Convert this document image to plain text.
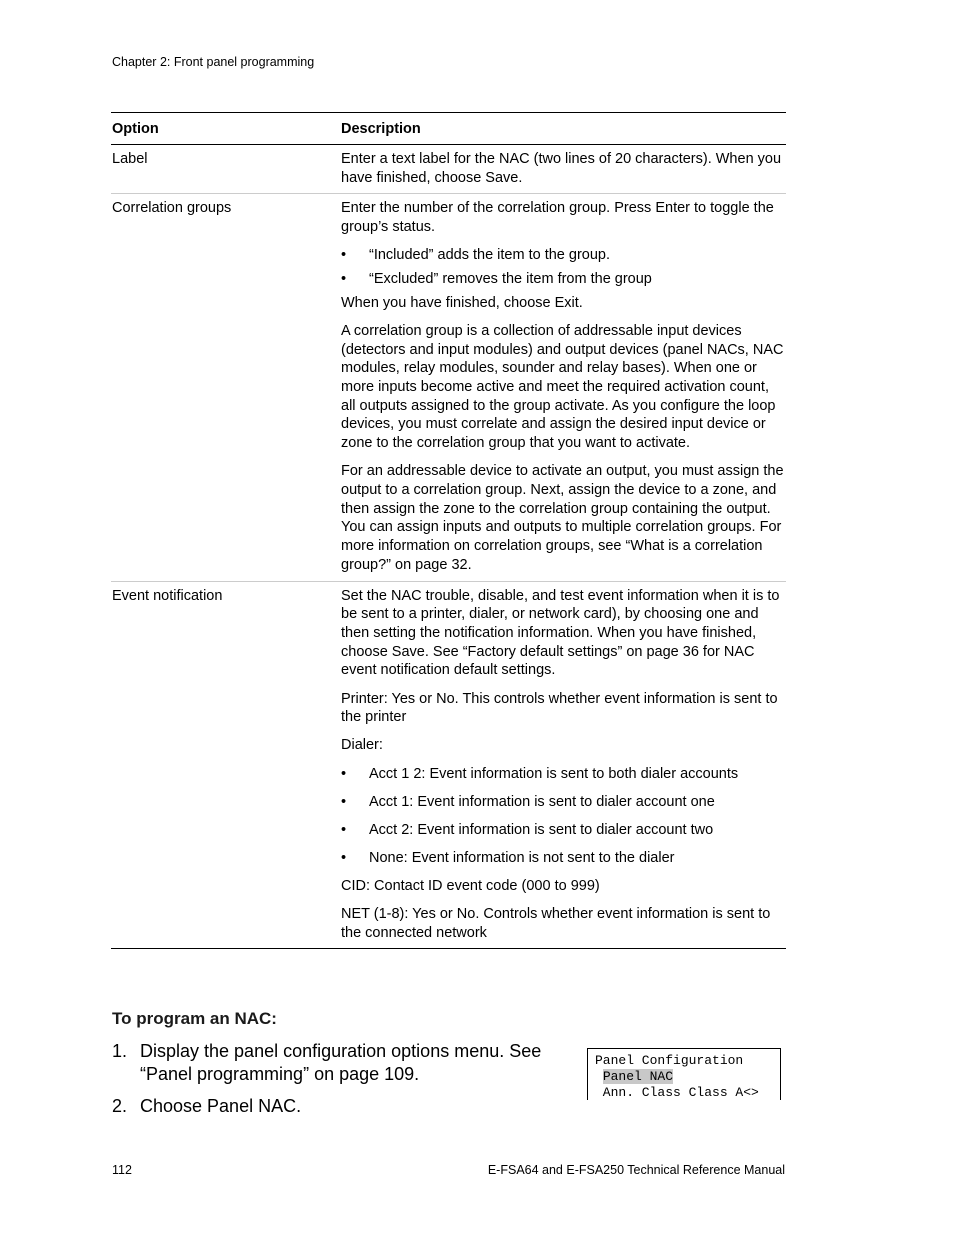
Chapter 2: Front panel programming
Option	Description
Label	Enter a text label for the NAC (two lines of 20 characters). When you have finished, choose Save.

Correlation groups	Enter the number of the correlation group. Press Enter to toggle the group’s status.

•	“Included” adds the item to the group.
•	“Excluded” removes the item from the group

When you have finished, choose Exit.

A correlation group is a collection of addressable input devices (detectors and input modules) and output devices (panel NACs, NAC modules, relay modules, sounder and relay bases). When one or more inputs become active and meet the required activation count, all outputs assigned to the group activate. As you configure the loop devices, you must correlate and assign the desired input device or zone to the correlation group that you want to activate.

For an addressable device to activate an output, you must assign the output to a correlation group. Next, assign the device to a zone, and then assign the zone to the correlation group containing the output. You can assign inputs and outputs to multiple correlation groups. For more information on correlation groups, see “What is a correlation group?” on page 32.

Event notification	Set the NAC trouble, disable, and test event information when it is to be sent to a printer, dialer, or network card), by choosing one and then setting the notification information. When you have finished, choose Save. See “Factory default settings” on page 36 for NAC event notification default settings.

Printer: Yes or No. This controls whether event information is sent to the printer

Dialer:

•	Acct 1 2: Event information is sent to both dialer accounts
•	Acct 1: Event information is sent to dialer account one
•	Acct 2: Event information is sent to dialer account two
•	None: Event information is not sent to the dialer

CID: Contact ID event code (000 to 999)

NET (1-8): Yes or No. Controls whether event information is sent to the connected network

To program an NAC:
1. Display the panel configuration options menu. See “Panel programming” on page 109.
2. Choose Panel NAC.
Panel Configuration
Panel NAC
Ann. Class Class A<>
112	E-FSA64 and E-FSA250 Technical Reference Manual
